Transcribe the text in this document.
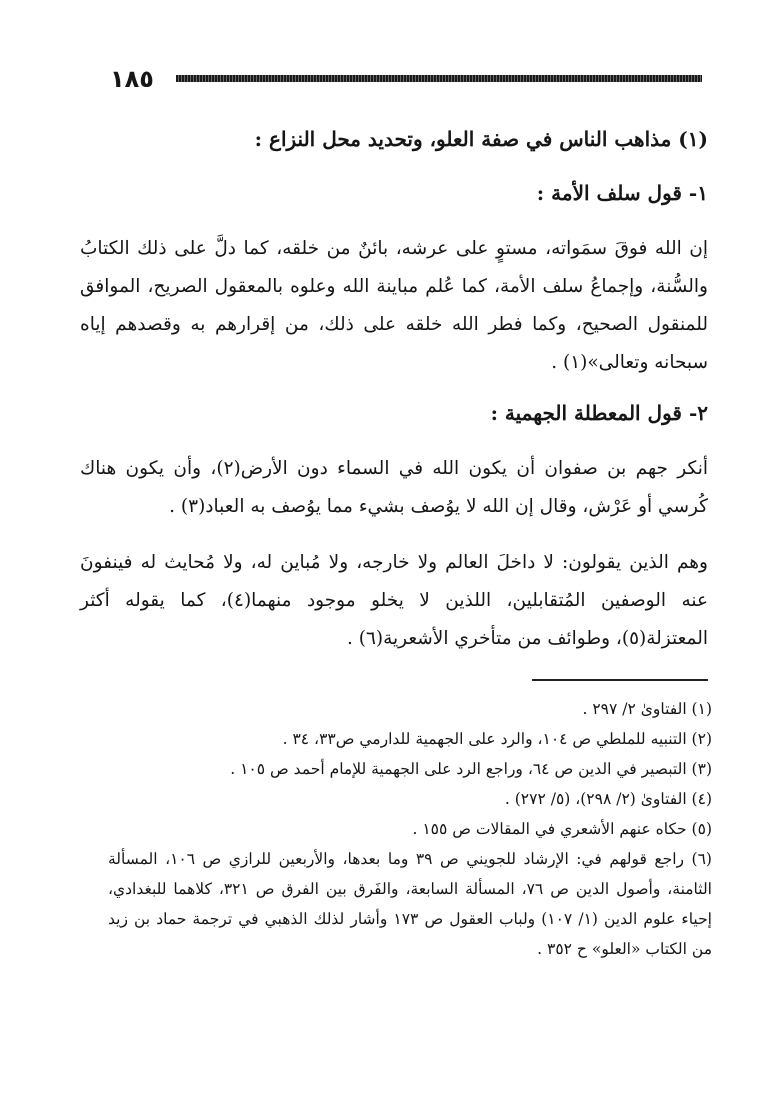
١٨٥
(١) مذاهب الناس في صفة العلو، وتحديد محل النزاع :
١- قول سلف الأمة :
إن الله فوقَ سمَواته، مستوٍ على عرشه، بائنٌ من خلقه، كما دلَّ على ذلك الكتابُ والسُّنة، وإجماعُ سلف الأمة، كما عُلم مباينة الله وعلوه بالمعقول الصريح، الموافق للمنقول الصحيح، وكما فطر الله خلقه على ذلك، من إقرارهم به وقصدهم إياه سبحانه وتعالى»(١) .
٢- قول المعطلة الجهمية :
أنكر جهم بن صفوان أن يكون الله في السماء دون الأرض(٢)، وأن يكون هناك كُرسي أو عَرْش، وقال إن الله لا يوُصف بشيء مما يوُصف به العباد(٣) .
وهم الذين يقولون: لا داخلَ العالم ولا خارجه، ولا مُباين له، ولا مُحايث له فينفونَ عنه الوصفين المُتقابلين، اللذين لا يخلو موجود منهما(٤)، كما يقوله أكثر المعتزلة(٥)، وطوائف من متأخري الأشعرية(٦) .
(١) الفتاوىٰ ٢/ ٢٩٧ .
(٢) التنبيه للملطي ص ١٠٤، والرد على الجهمية للدارمي ص٣٣، ٣٤ .
(٣) التبصير في الدين ص ٦٤، وراجع الرد على الجهمية للإمام أحمد ص ١٠٥ .
(٤) الفتاوىٰ (٢/ ٢٩٨)، (٥/ ٢٧٢) .
(٥) حكاه عنهم الأشعري في المقالات ص ١٥٥ .
(٦) راجع قولهم في: الإرشاد للجويني ص ٣٩ وما بعدها، والأربعين للرازي ص ١٠٦، المسألة الثامنة، وأصول الدين ص ٧٦، المسألة السابعة، والفَرق بين الفرق ص ٣٢١، كلاهما للبغدادي، إحياء علوم الدين (١/ ١٠٧) ولباب العقول ص ١٧٣ وأشار لذلك الذهبي في ترجمة حماد بن زيد من الكتاب «العلو» ح ٣٥٢ .
